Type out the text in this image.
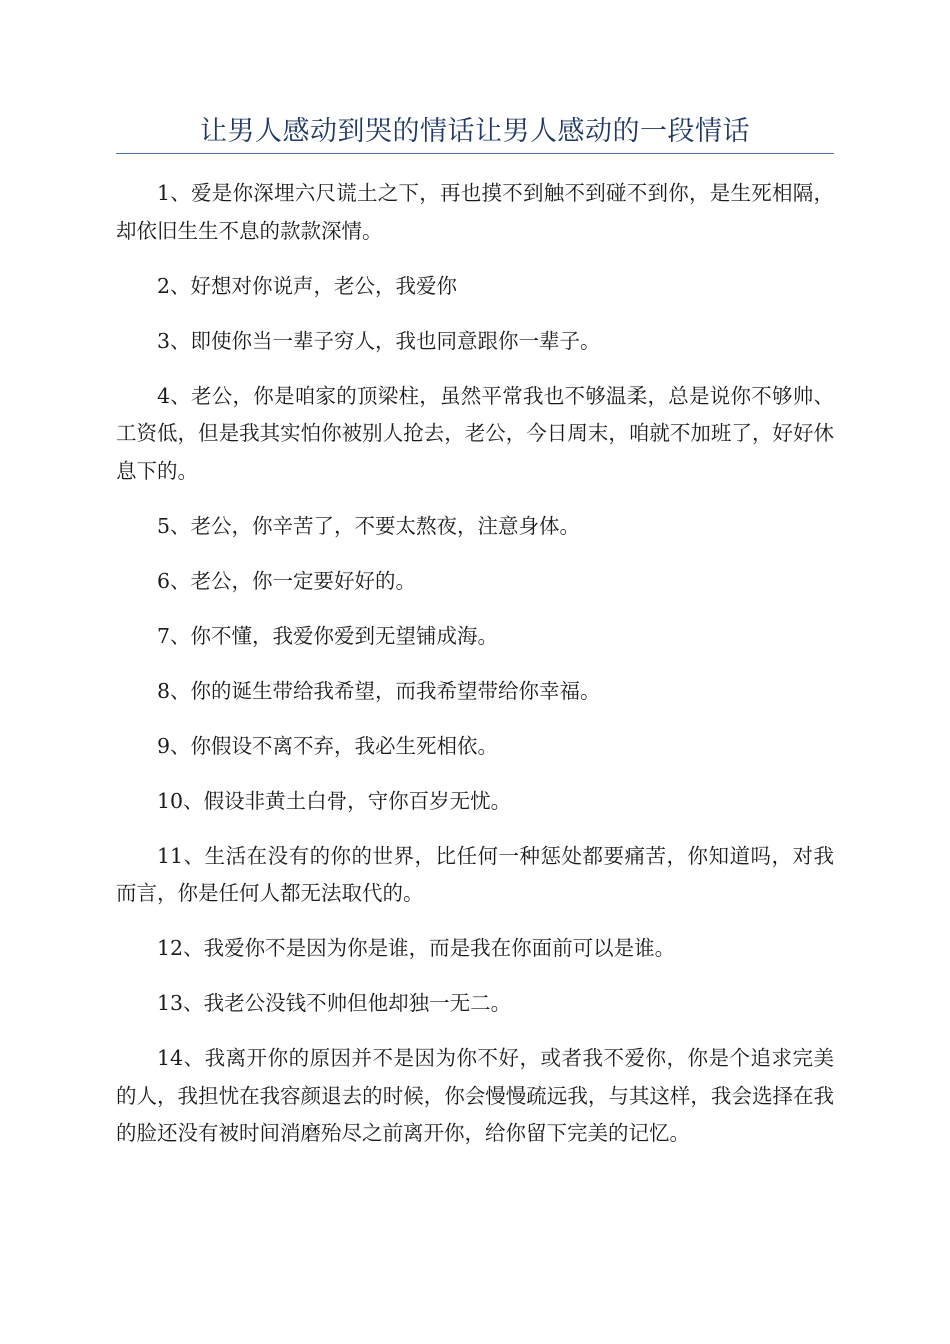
让男人感动到哭的情话让男人感动的一段情话

1、爱是你深埋六尺谎土之下，再也摸不到触不到碰不到你，是生死相隔，却依旧生生不息的款款深情。

2、好想对你说声，老公，我爱你

3、即使你当一辈子穷人，我也同意跟你一辈子。

4、老公，你是咱家的顶梁柱，虽然平常我也不够温柔，总是说你不够帅、工资低，但是我其实怕你被别人抢去，老公，今日周末，咱就不加班了，好好休息下的。

5、老公，你辛苦了，不要太熬夜，注意身体。

6、老公，你一定要好好的。

7、你不懂，我爱你爱到无望铺成海。

8、你的诞生带给我希望，而我希望带给你幸福。

9、你假设不离不弃，我必生死相依。

10、假设非黄土白骨，守你百岁无忧。

11、生活在没有的你的世界，比任何一种惩处都要痛苦，你知道吗，对我而言，你是任何人都无法取代的。

12、我爱你不是因为你是谁，而是我在你面前可以是谁。

13、我老公没钱不帅但他却独一无二。

14、我离开你的原因并不是因为你不好，或者我不爱你，你是个追求完美的人，我担忧在我容颜退去的时候，你会慢慢疏远我，与其这样，我会选择在我的脸还没有被时间消磨殆尽之前离开你，给你留下完美的记忆。
